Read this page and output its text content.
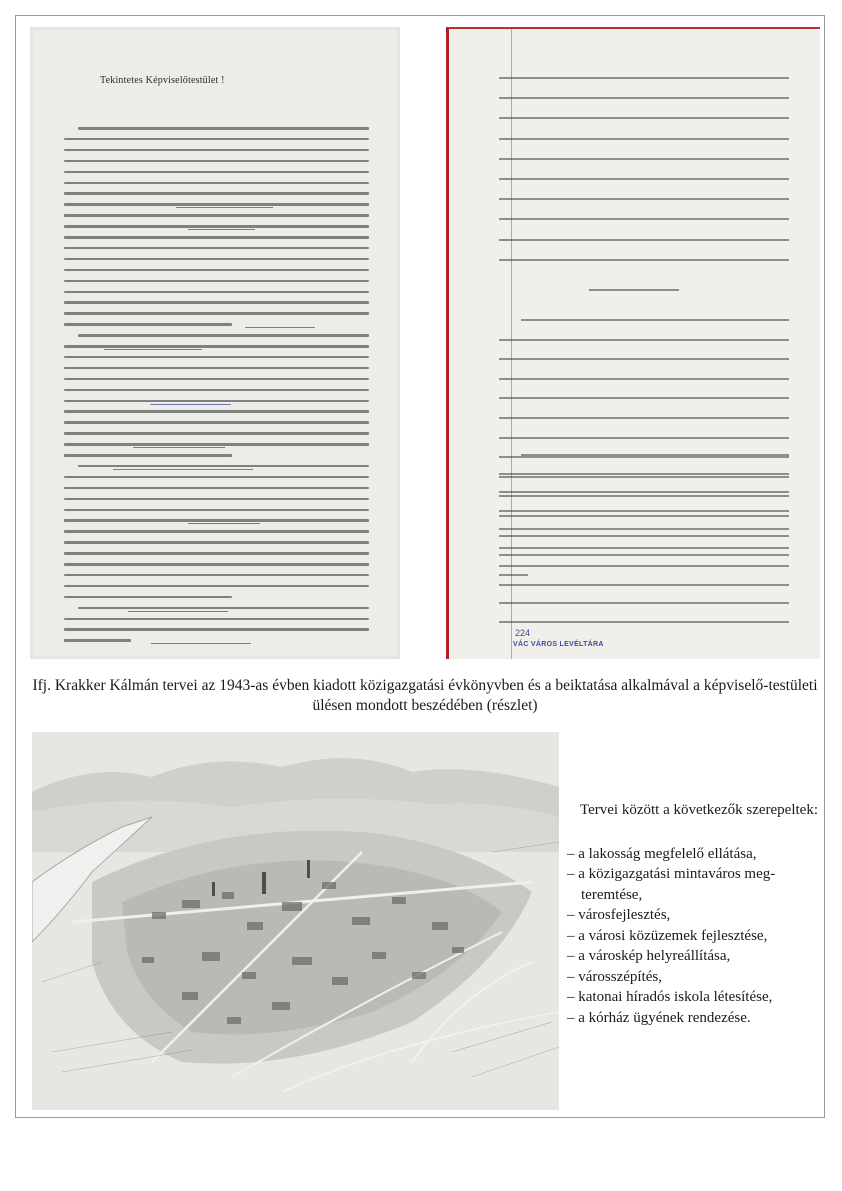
Tekintetes Képviselőtestület !
224
VÁC VÁROS LEVÉLTÁRA
Ifj. Krakker Kálmán tervei az 1943-as évben kiadott közigazgatási évkönyvben és a beiktatása alkalmával a képviselő-testületi ülésen mondott beszédében (részlet)
Tervei között a következők szerepeltek:
– a lakosság megfelelő ellátása,
– a közigazgatási mintaváros meg-teremtése,
– városfejlesztés,
– a városi közüzemek fejlesztése,
– a városkép helyreállítása,
– városszépítés,
– katonai híradós iskola létesítése,
– a kórház ügyének rendezése.
